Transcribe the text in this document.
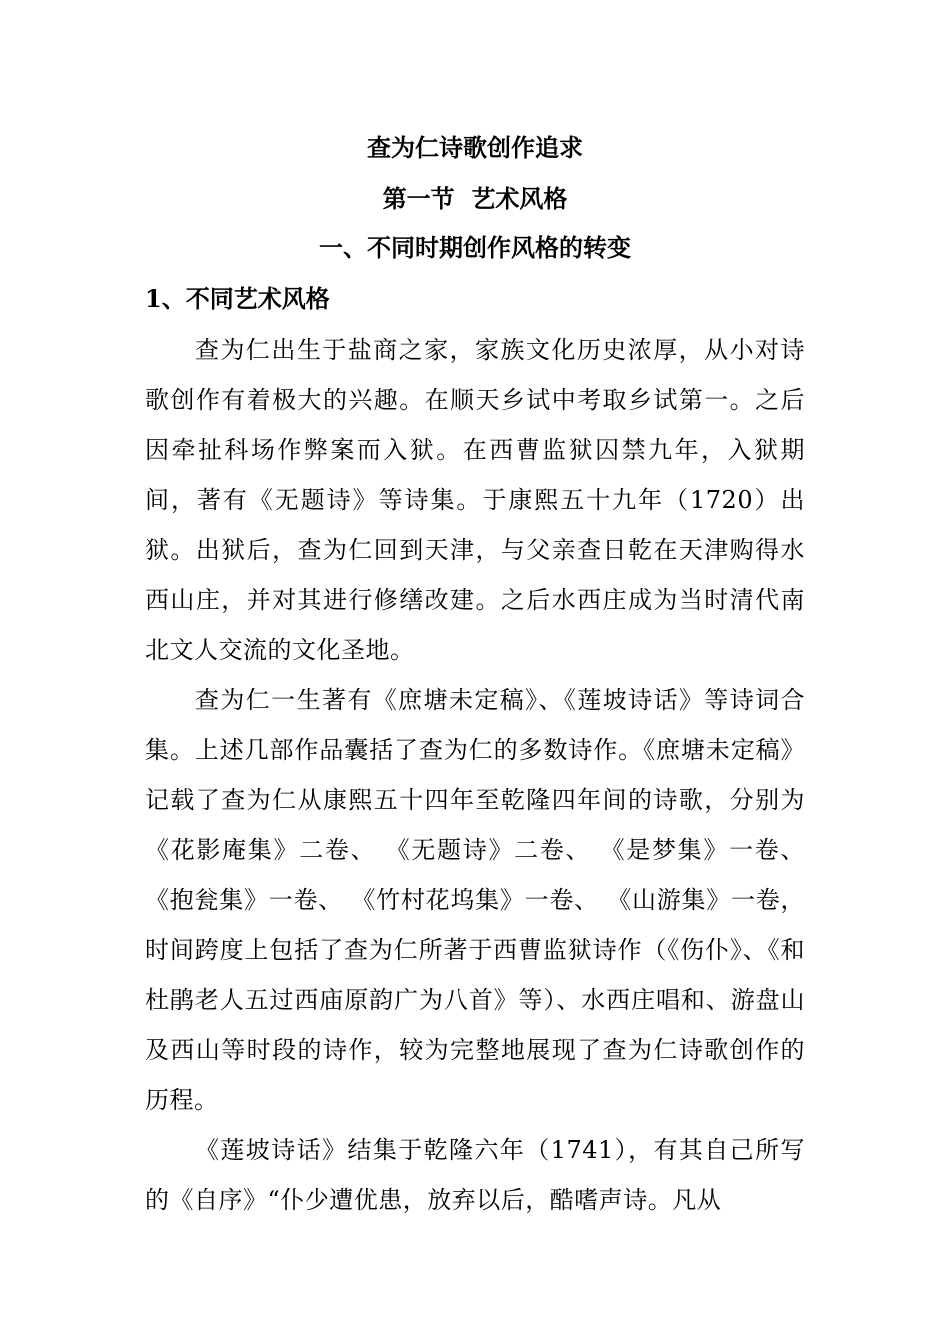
查为仁诗歌创作追求
第一节  艺术风格
一、不同时期创作风格的转变
1、不同艺术风格

查为仁出生于盐商之家，家族文化历史浓厚，从小对诗歌创作有着极大的兴趣。在顺天乡试中考取乡试第一。之后因牵扯科场作弊案而入狱。在西曹监狱囚禁九年，入狱期间，著有《无题诗》等诗集。于康熙五十九年（1720）出狱。出狱后，查为仁回到天津，与父亲查日乾在天津购得水西山庄，并对其进行修缮改建。之后水西庄成为当时清代南北文人交流的文化圣地。

查为仁一生著有《庶塘未定稿》、《莲坡诗话》等诗词合集。上述几部作品囊括了查为仁的多数诗作。《庶塘未定稿》记载了查为仁从康熙五十四年至乾隆四年间的诗歌，分别为《花影庵集》二卷、 《无题诗》二卷、 《是梦集》一卷、 《抱瓮集》一卷、 《竹村花坞集》一卷、 《山游集》一卷，时间跨度上包括了查为仁所著于西曹监狱诗作（《伤仆》、《和杜鹃老人五过西庙原韵广为八首》等）、水西庄唱和、游盘山及西山等时段的诗作，较为完整地展现了查为仁诗歌创作的历程。

《莲坡诗话》结集于乾隆六年（1741），有其自己所写的《自序》“仆少遭优患，放弃以后，酷嗜声诗。凡从
